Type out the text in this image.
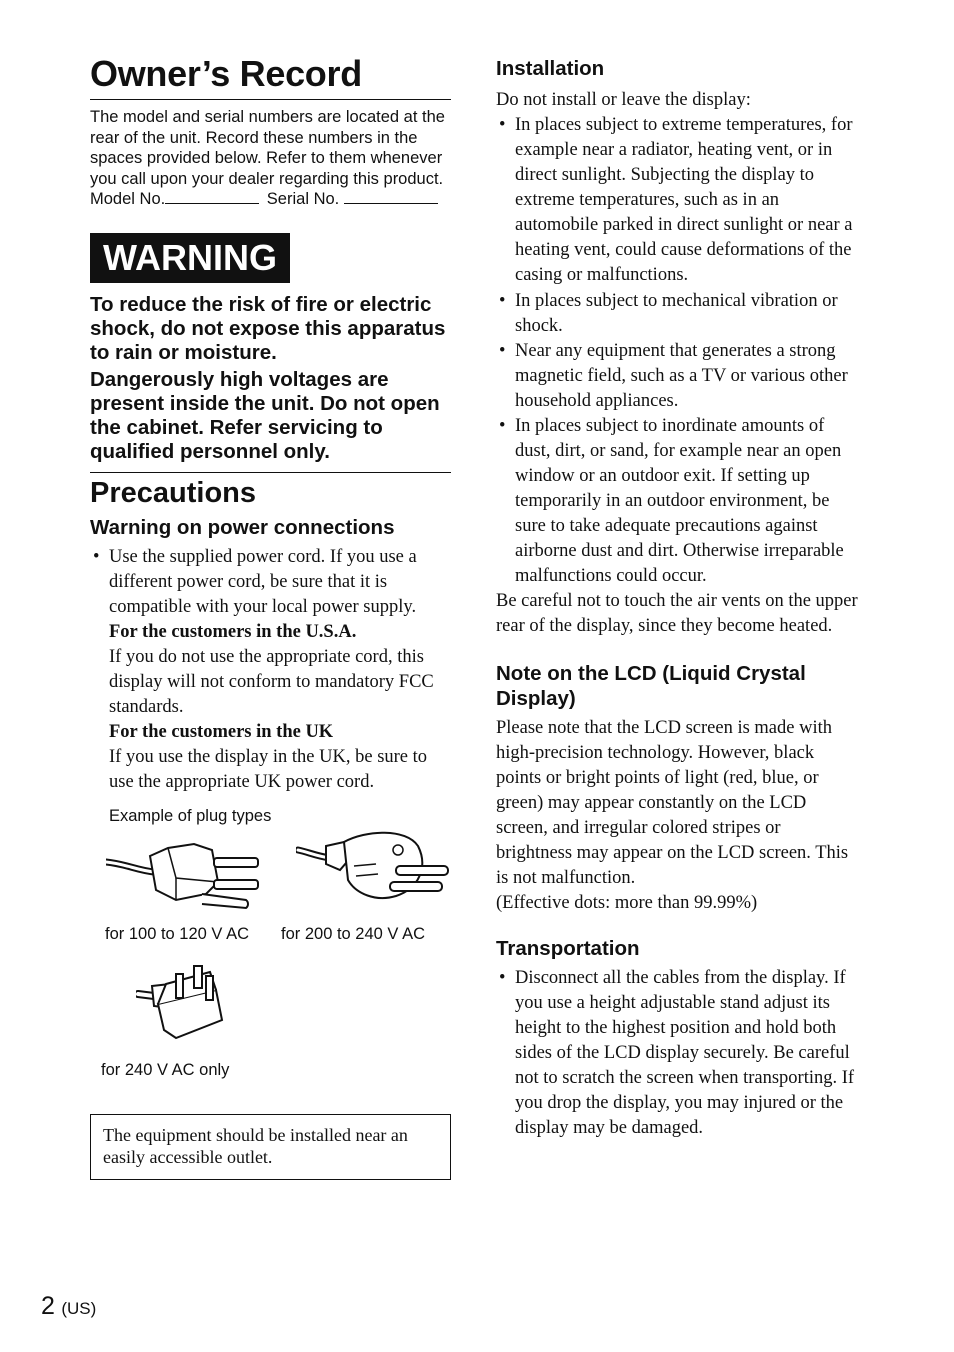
Owner’s Record
The model and serial numbers are located at the rear of the unit. Record these numbers in the spaces provided below. Refer to them whenever you call upon your dealer regarding this product.
Model No.	Serial No.
WARNING
To reduce the risk of fire or electric shock, do not expose this apparatus to rain or moisture.
Dangerously high voltages are present inside the unit. Do not open the cabinet. Refer servicing to qualified personnel only.
Precautions
Warning on power connections
• Use the supplied power cord. If you use a different power cord, be sure that it is compatible with your local power supply.
For the customers in the U.S.A.
If you do not use the appropriate cord, this display will not conform to mandatory FCC standards.
For the customers in the UK
If you use the display in the UK, be sure to use the appropriate UK power cord.
Example of plug types
for 100 to 120 V AC for 200 to 240 V AC
for 240 V AC only
The equipment should be installed near an easily accessible outlet.
Installation
Do not install or leave the display:
• In places subject to extreme temperatures, for example near a radiator, heating vent, or in direct sunlight. Subjecting the display to extreme temperatures, such as in an automobile parked in direct sunlight or near a heating vent, could cause deformations of the casing or malfunctions.
• In places subject to mechanical vibration or shock.
• Near any equipment that generates a strong magnetic field, such as a TV or various other household appliances.
• In places subject to inordinate amounts of dust, dirt, or sand, for example near an open window or an outdoor exit. If setting up temporarily in an outdoor environment, be sure to take adequate precautions against airborne dust and dirt. Otherwise irreparable malfunctions could occur.
Be careful not to touch the air vents on the upper rear of the display, since they become heated.
Note on the LCD (Liquid Crystal Display)
Please note that the LCD screen is made with high-precision technology. However, black points or bright points of light (red, blue, or green) may appear constantly on the LCD screen, and irregular colored stripes or brightness may appear on the LCD screen. This is not malfunction.
(Effective dots: more than 99.99%)
Transportation
• Disconnect all the cables from the display. If you use a height adjustable stand adjust its height to the highest position and hold both sides of the LCD display securely. Be careful not to scratch the screen when transporting. If you drop the display, you may injured or the display may be damaged.
2 (US)
